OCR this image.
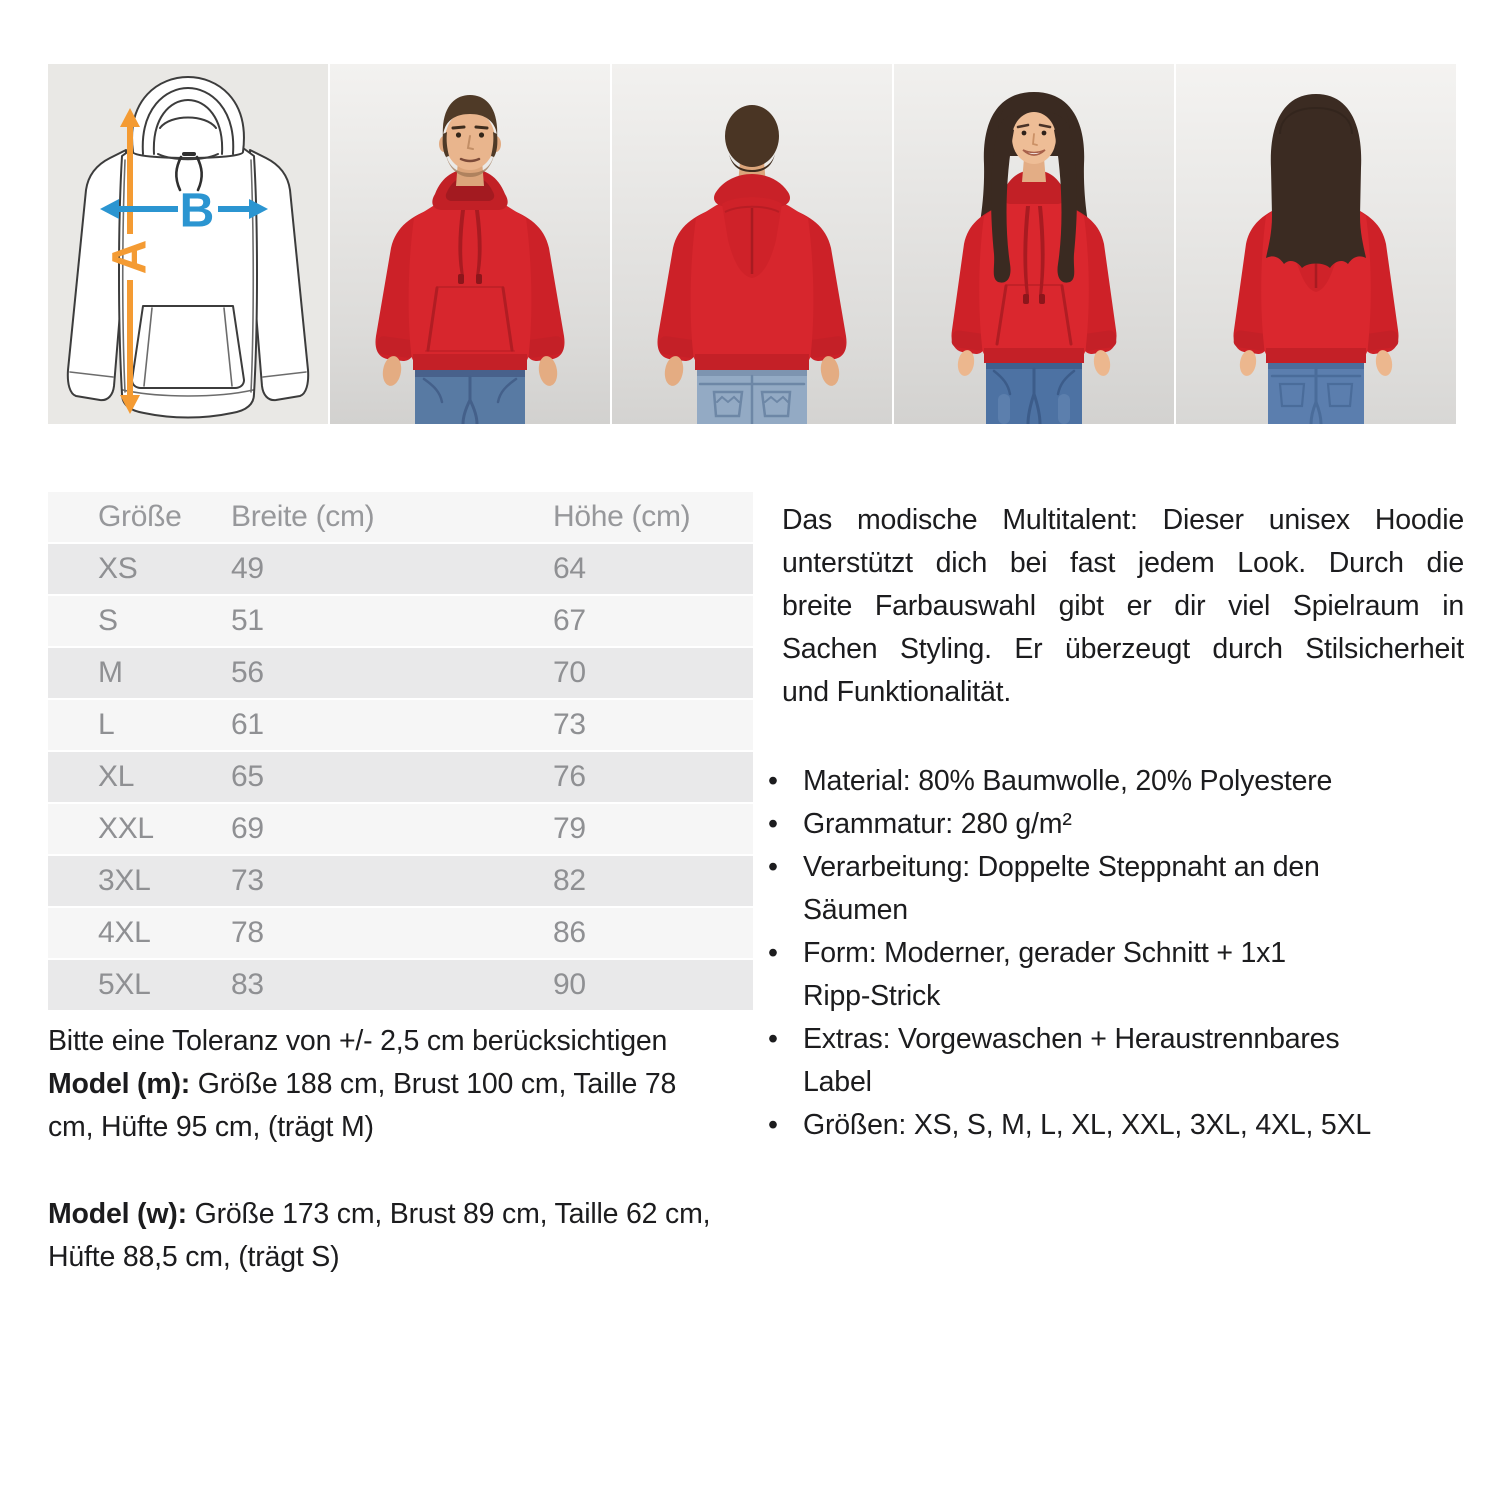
A
B
Größe	Breite (cm)	Höhe (cm)
XS	49	64
S	51	67
M	56	70
L	61	73
XL	65	76
XXL	69	79
3XL	73	82
4XL	78	86
5XL	83	90
Bitte eine Toleranz von +/- 2,5 cm berücksichtigen

Model (m): Größe 188 cm, Brust 100 cm, Taille 78 cm, Hüfte 95 cm, (trägt M)

Model (w): Größe 173 cm, Brust 89 cm, Taille 62 cm, Hüfte 88,5 cm, (trägt S)

Das modische Multitalent: Dieser unisex Hoodie
unterstützt dich bei fast jedem Look. Durch die
breite Farbauswahl gibt er dir viel Spielraum in
Sachen Styling. Er überzeugt durch Stilsicherheit
und Funktionalität.
• Material: 80% Baumwolle, 20% Polyestere
• Grammatur: 280 g/m²
• Verarbeitung: Doppelte Steppnaht an den
Säumen
• Form: Moderner, gerader Schnitt + 1x1
Ripp-Strick
• Extras: Vorgewaschen + Heraustrennbares
Label
• Größen: XS, S, M, L, XL, XXL, 3XL, 4XL, 5XL
